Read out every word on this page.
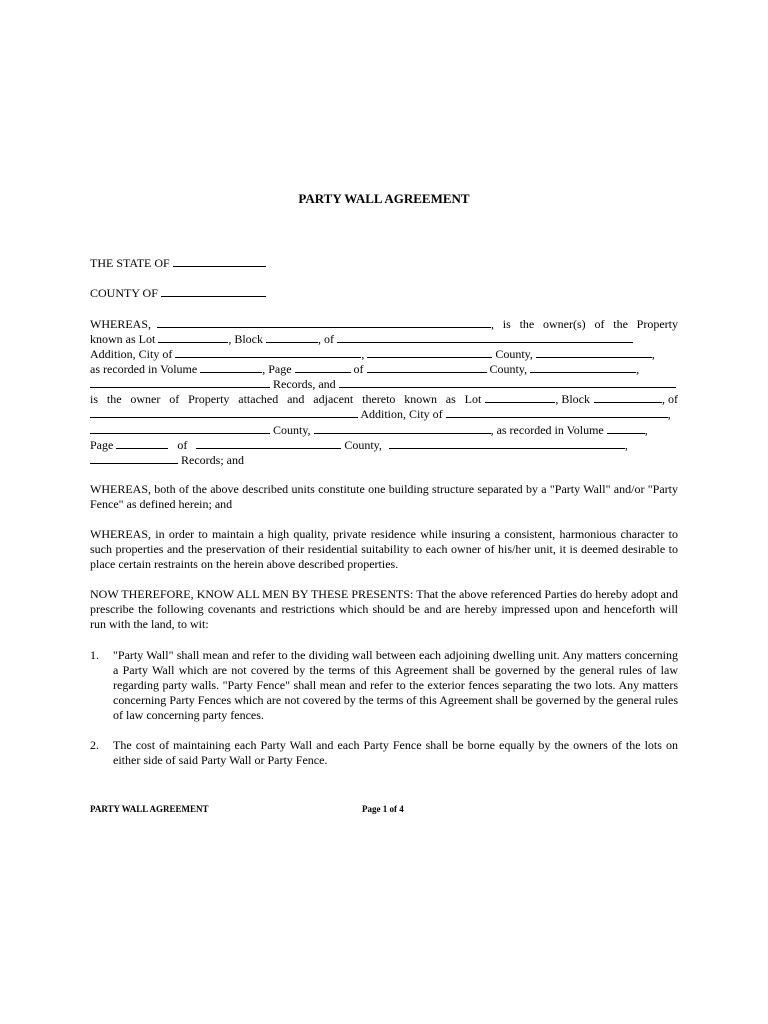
PARTY WALL AGREEMENT
THE STATE OF
COUNTY OF
WHEREAS,	, is the owner(s) of the Property
known as Lot	, Block	, of
Addition, City of	,	County,	,
as recorded in Volume	, Page	of	County,	,
Records, and
is the owner of Property attached and adjacent thereto known as Lot	, Block	, of
Addition, City of	,
County,	, as recorded in Volume	,
Page	of	County,	,
Records; and
WHEREAS, both of the above described units constitute one building structure separated by a "Party Wall" and/or "Party Fence" as defined herein; and
WHEREAS, in order to maintain a high quality, private residence while insuring a consistent, harmonious character to such properties and the preservation of their residential suitability to each owner of his/her unit, it is deemed desirable to place certain restraints on the herein above described properties.
NOW THEREFORE, KNOW ALL MEN BY THESE PRESENTS: That the above referenced Parties do hereby adopt and prescribe the following covenants and restrictions which should be and are hereby impressed upon and henceforth will run with the land, to wit:
1. "Party Wall" shall mean and refer to the dividing wall between each adjoining dwelling unit. Any matters concerning a Party Wall which are not covered by the terms of this Agreement shall be governed by the general rules of law regarding party walls. "Party Fence" shall mean and refer to the exterior fences separating the two lots. Any matters concerning Party Fences which are not covered by the terms of this Agreement shall be governed by the general rules of law concerning party fences.
2. The cost of maintaining each Party Wall and each Party Fence shall be borne equally by the owners of the lots on either side of said Party Wall or Party Fence.
PARTY WALL AGREEMENT	Page 1 of 4
